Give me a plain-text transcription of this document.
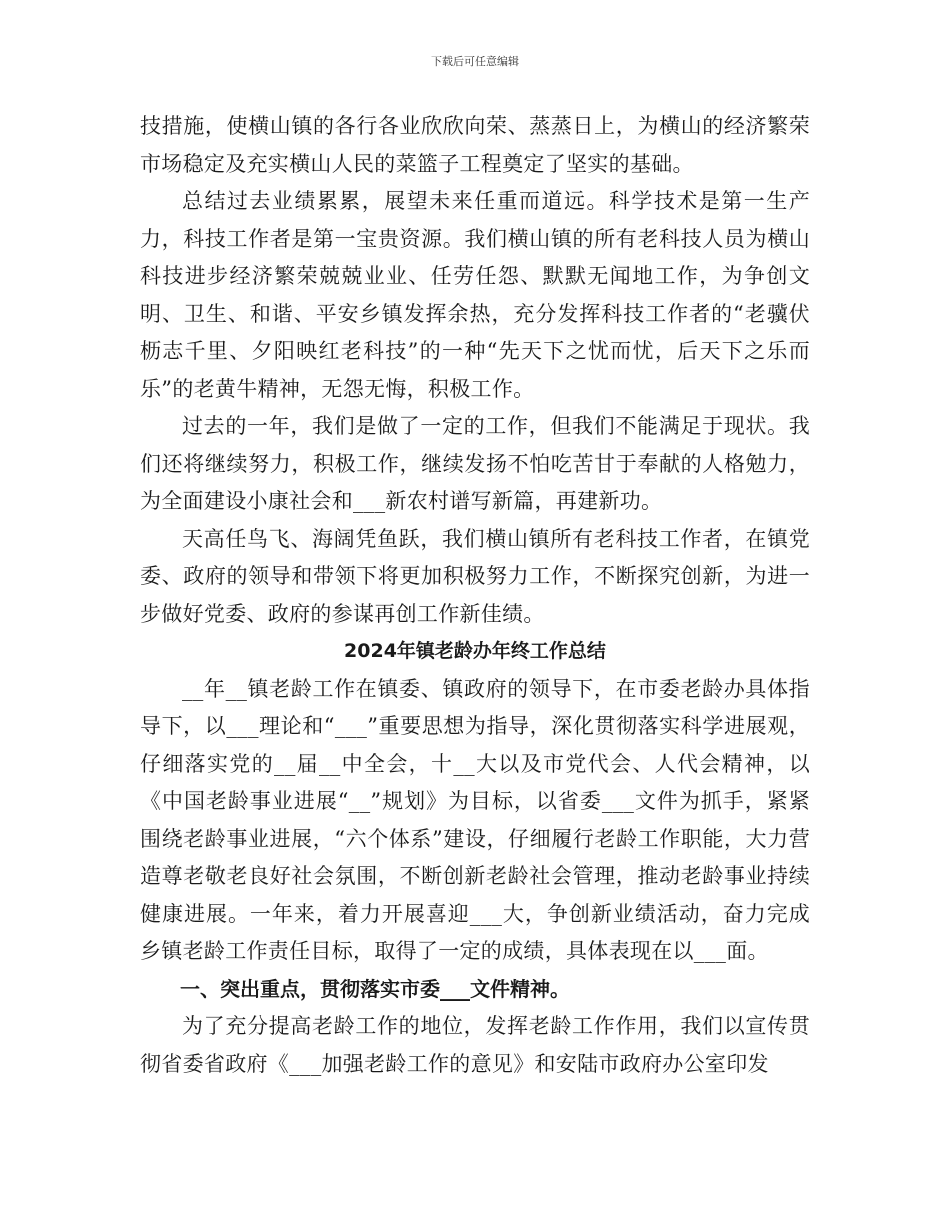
下载后可任意编辑

技措施，使横山镇的各行各业欣欣向荣、蒸蒸日上，为横山的经济繁荣市场稳定及充实横山人民的菜篮子工程奠定了坚实的基础。

总结过去业绩累累，展望未来任重而道远。科学技术是第一生产力，科技工作者是第一宝贵资源。我们横山镇的所有老科技人员为横山科技进步经济繁荣兢兢业业、任劳任怨、默默无闻地工作，为争创文明、卫生、和谐、平安乡镇发挥余热，充分发挥科技工作者的“老骥伏枥志千里、夕阳映红老科技”的一种“先天下之忧而忧，后天下之乐而乐”的老黄牛精神，无怨无悔，积极工作。

过去的一年，我们是做了一定的工作，但我们不能满足于现状。我们还将继续努力，积极工作，继续发扬不怕吃苦甘于奉献的人格勉力，为全面建设小康社会和___新农村谱写新篇，再建新功。

天高任鸟飞、海阔凭鱼跃，我们横山镇所有老科技工作者，在镇党委、政府的领导和带领下将更加积极努力工作，不断探究创新，为进一步做好党委、政府的参谋再创工作新佳绩。

2024年镇老龄办年终工作总结

__年__镇老龄工作在镇委、镇政府的领导下，在市委老龄办具体指导下，以___理论和“___”重要思想为指导，深化贯彻落实科学进展观，仔细落实党的__届__中全会，十__大以及市党代会、人代会精神，以《中国老龄事业进展“__”规划》为目标，以省委___文件为抓手，紧紧围绕老龄事业进展，“六个体系”建设，仔细履行老龄工作职能，大力营造尊老敬老良好社会氛围，不断创新老龄社会管理，推动老龄事业持续健康进展。一年来，着力开展喜迎___大，争创新业绩活动，奋力完成乡镇老龄工作责任目标，取得了一定的成绩，具体表现在以___面。

一、突出重点，贯彻落实市委___文件精神。

为了充分提高老龄工作的地位，发挥老龄工作作用，我们以宣传贯彻省委省政府《___加强老龄工作的意见》和安陆市政府办公室印发
